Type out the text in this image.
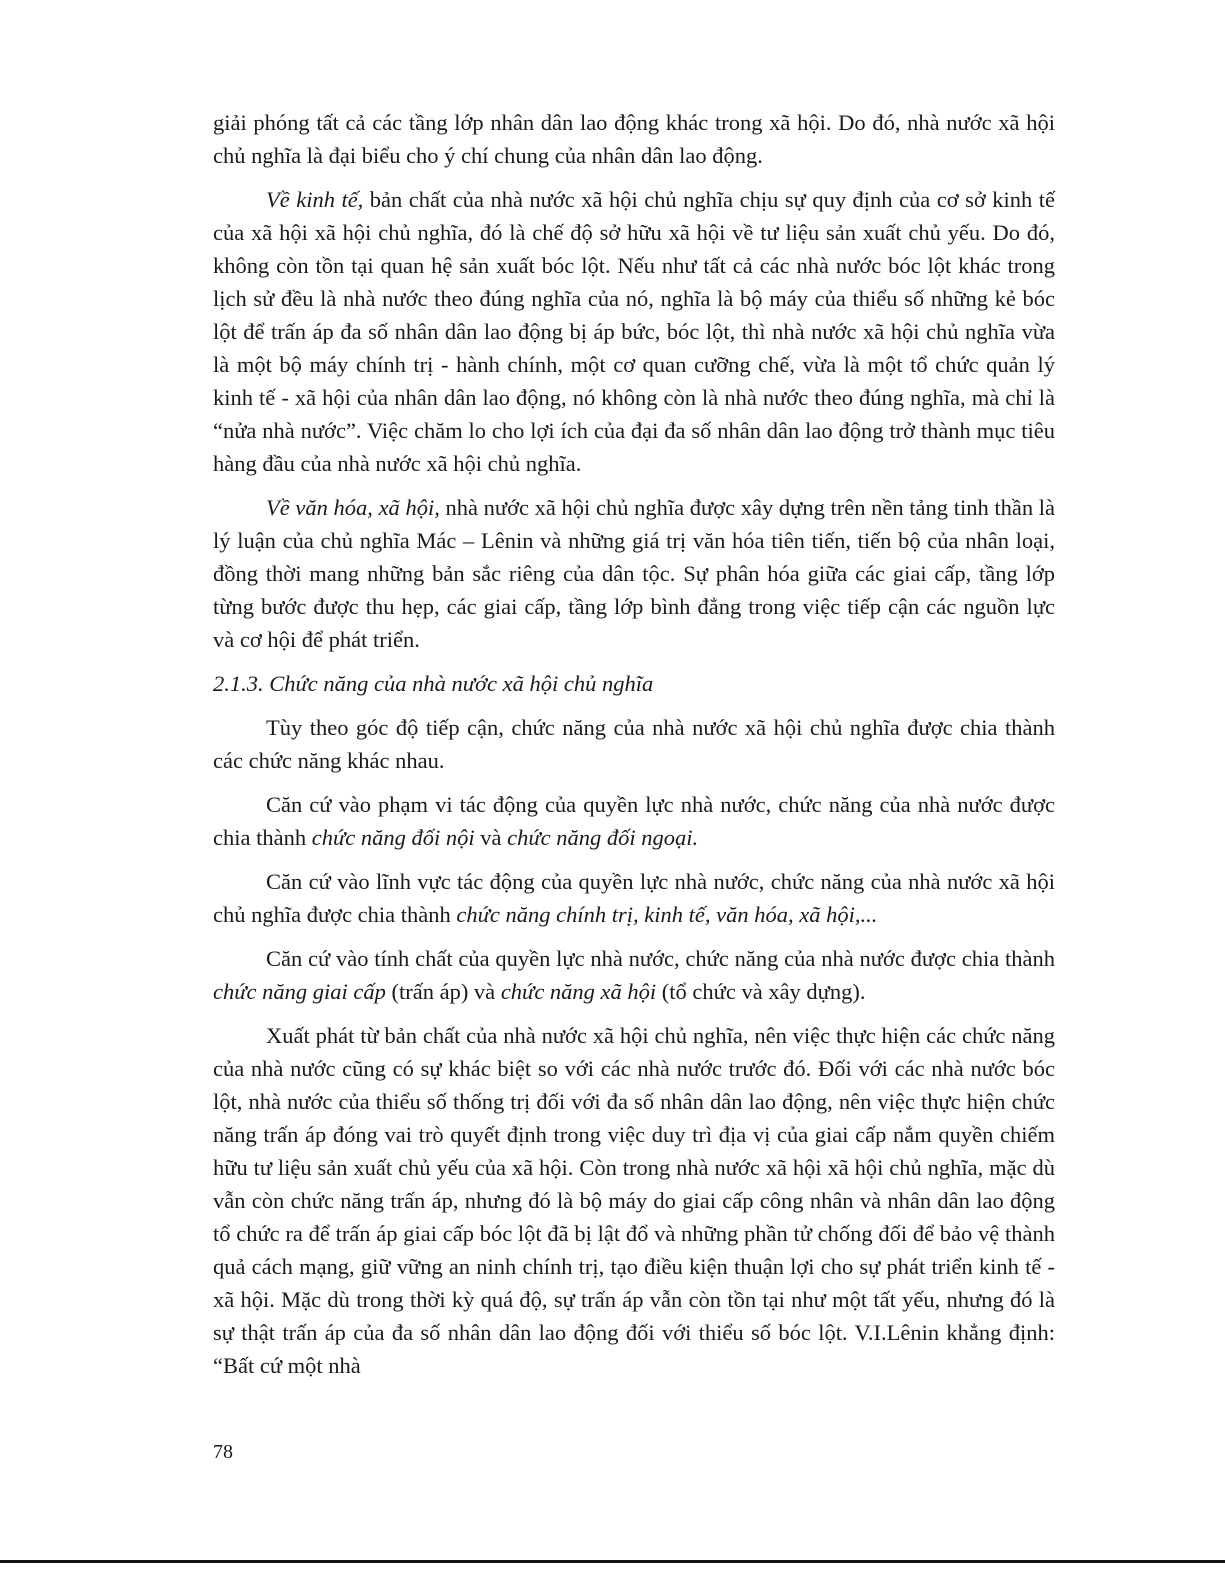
giải phóng tất cả các tầng lớp nhân dân lao động khác trong xã hội. Do đó, nhà nước xã hội chủ nghĩa là đại biểu cho ý chí chung của nhân dân lao động.

Về kinh tế, bản chất của nhà nước xã hội chủ nghĩa chịu sự quy định của cơ sở kinh tế của xã hội xã hội chủ nghĩa, đó là chế độ sở hữu xã hội về tư liệu sản xuất chủ yếu. Do đó, không còn tồn tại quan hệ sản xuất bóc lột. Nếu như tất cả các nhà nước bóc lột khác trong lịch sử đều là nhà nước theo đúng nghĩa của nó, nghĩa là bộ máy của thiểu số những kẻ bóc lột để trấn áp đa số nhân dân lao động bị áp bức, bóc lột, thì nhà nước xã hội chủ nghĩa vừa là một bộ máy chính trị - hành chính, một cơ quan cưỡng chế, vừa là một tổ chức quản lý kinh tế - xã hội của nhân dân lao động, nó không còn là nhà nước theo đúng nghĩa, mà chỉ là “nửa nhà nước”. Việc chăm lo cho lợi ích của đại đa số nhân dân lao động trở thành mục tiêu hàng đầu của nhà nước xã hội chủ nghĩa.

Về văn hóa, xã hội, nhà nước xã hội chủ nghĩa được xây dựng trên nền tảng tinh thần là lý luận của chủ nghĩa Mác – Lênin và những giá trị văn hóa tiên tiến, tiến bộ của nhân loại, đồng thời mang những bản sắc riêng của dân tộc. Sự phân hóa giữa các giai cấp, tầng lớp từng bước được thu hẹp, các giai cấp, tầng lớp bình đẳng trong việc tiếp cận các nguồn lực và cơ hội để phát triển.

2.1.3. Chức năng của nhà nước xã hội chủ nghĩa

Tùy theo góc độ tiếp cận, chức năng của nhà nước xã hội chủ nghĩa được chia thành các chức năng khác nhau.

Căn cứ vào phạm vi tác động của quyền lực nhà nước, chức năng của nhà nước được chia thành chức năng đối nội và chức năng đối ngoại.

Căn cứ vào lĩnh vực tác động của quyền lực nhà nước, chức năng của nhà nước xã hội chủ nghĩa được chia thành chức năng chính trị, kinh tế, văn hóa, xã hội,...

Căn cứ vào tính chất của quyền lực nhà nước, chức năng của nhà nước được chia thành chức năng giai cấp (trấn áp) và chức năng xã hội (tổ chức và xây dựng).

Xuất phát từ bản chất của nhà nước xã hội chủ nghĩa, nên việc thực hiện các chức năng của nhà nước cũng có sự khác biệt so với các nhà nước trước đó. Đối với các nhà nước bóc lột, nhà nước của thiểu số thống trị đối với đa số nhân dân lao động, nên việc thực hiện chức năng trấn áp đóng vai trò quyết định trong việc duy trì địa vị của giai cấp nắm quyền chiếm hữu tư liệu sản xuất chủ yếu của xã hội. Còn trong nhà nước xã hội xã hội chủ nghĩa, mặc dù vẫn còn chức năng trấn áp, nhưng đó là bộ máy do giai cấp công nhân và nhân dân lao động tổ chức ra để trấn áp giai cấp bóc lột đã bị lật đổ và những phần tử chống đối để bảo vệ thành quả cách mạng, giữ vững an ninh chính trị, tạo điều kiện thuận lợi cho sự phát triển kinh tế - xã hội. Mặc dù trong thời kỳ quá độ, sự trấn áp vẫn còn tồn tại như một tất yếu, nhưng đó là sự thật trấn áp của đa số nhân dân lao động đối với thiểu số bóc lột. V.I.Lênin khẳng định: “Bất cứ một nhà

78
